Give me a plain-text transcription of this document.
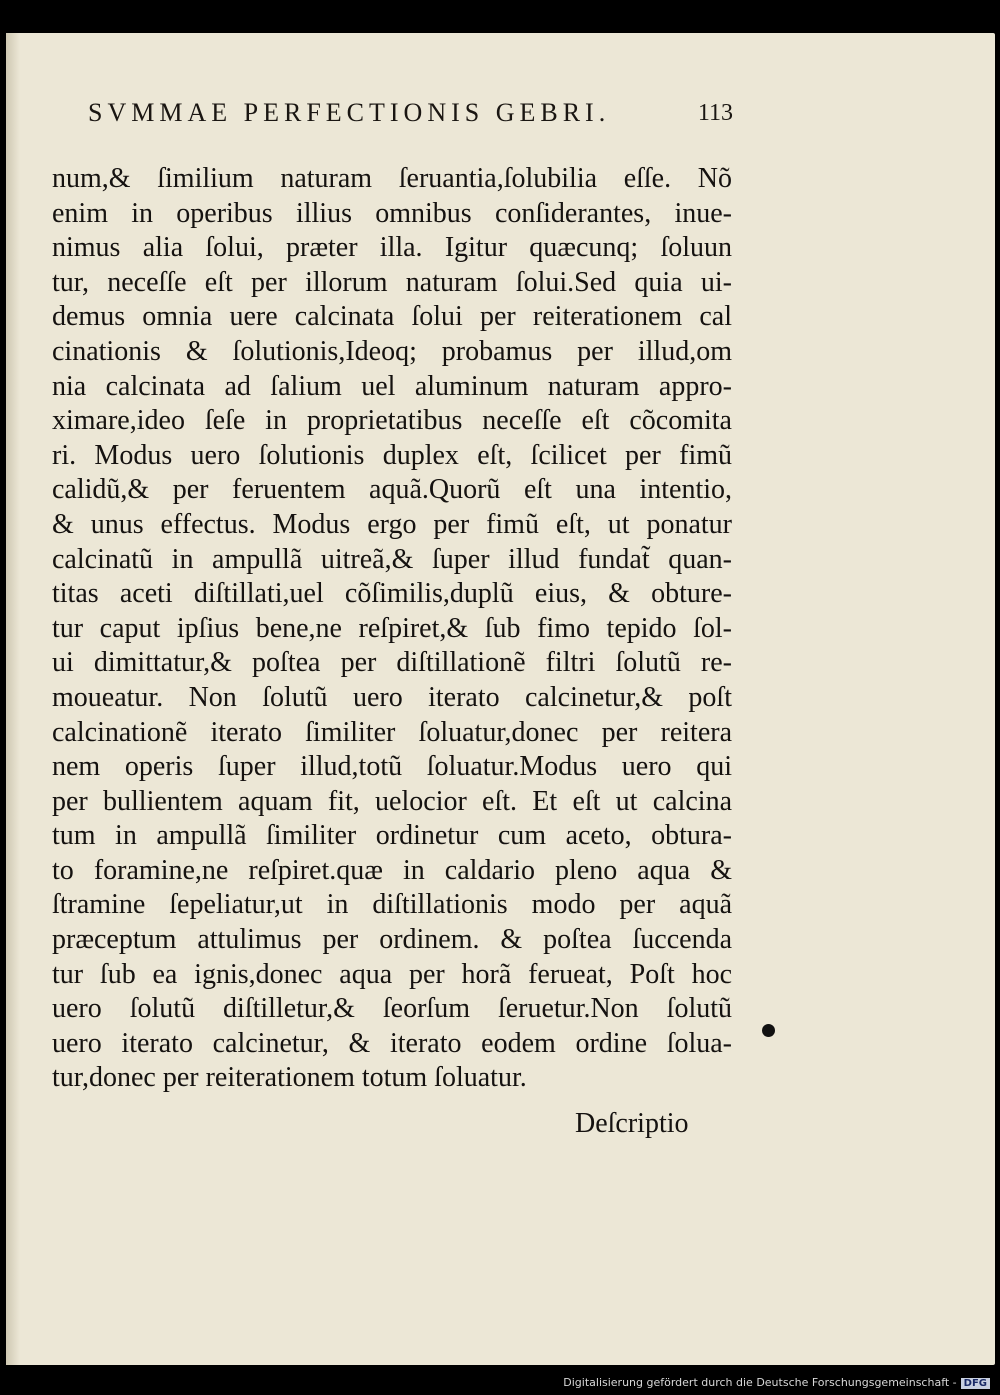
SVMMAE PERFECTIONIS GEBRI.	113
num,& ſimilium naturam ſeruantia,ſolubilia eſſe. Nõ
enim in operibus illius omnibus conſiderantes, inue-
nimus alia ſolui, præter illa. Igitur quæcunq; ſoluun
tur, neceſſe eſt per illorum naturam ſolui.Sed quia ui-
demus omnia uere calcinata ſolui per reiterationem cal
cinationis & ſolutionis,Ideoq; probamus per illud,om
nia calcinata ad ſalium uel aluminum naturam appro-
ximare,ideo ſeſe in proprietatibus neceſſe eſt cõcomita
ri. Modus uero ſolutionis duplex eſt, ſcilicet per fimũ
calidũ,& per feruentem aquã.Quorũ eſt una intentio,
& unus effectus. Modus ergo per fimũ eſt, ut ponatur
calcinatũ in ampullã uitreã,& ſuper illud fundat̃ quan-
titas aceti diſtillati,uel cõſimilis,duplũ eius, & obture-
tur caput ipſius bene,ne reſpiret,& ſub fimo tepido ſol-
ui dimittatur,& poſtea per diſtillationẽ filtri ſolutũ re-
moueatur. Non ſolutũ uero iterato calcinetur,& poſt
calcinationẽ iterato ſimiliter ſoluatur,donec per reitera
nem operis ſuper illud,totũ ſoluatur.Modus uero qui
per bullientem aquam fit, uelocior eſt. Et eſt ut calcina
tum in ampullã ſimiliter ordinetur cum aceto, obtura-
to foramine,ne reſpiret.quæ in caldario pleno aqua &
ſtramine ſepeliatur,ut in diſtillationis modo per aquã
præceptum attulimus per ordinem. & poſtea ſuccenda
tur ſub ea ignis,donec aqua per horã ferueat, Poſt hoc
uero ſolutũ diſtilletur,& ſeorſum ſeruetur.Non ſolutũ
uero iterato calcinetur, & iterato eodem ordine ſolua-
tur,donec per reiterationem totum ſoluatur.
Deſcriptio
Digitalisierung gefördert durch die Deutsche Forschungsgemeinschaft - DFG
